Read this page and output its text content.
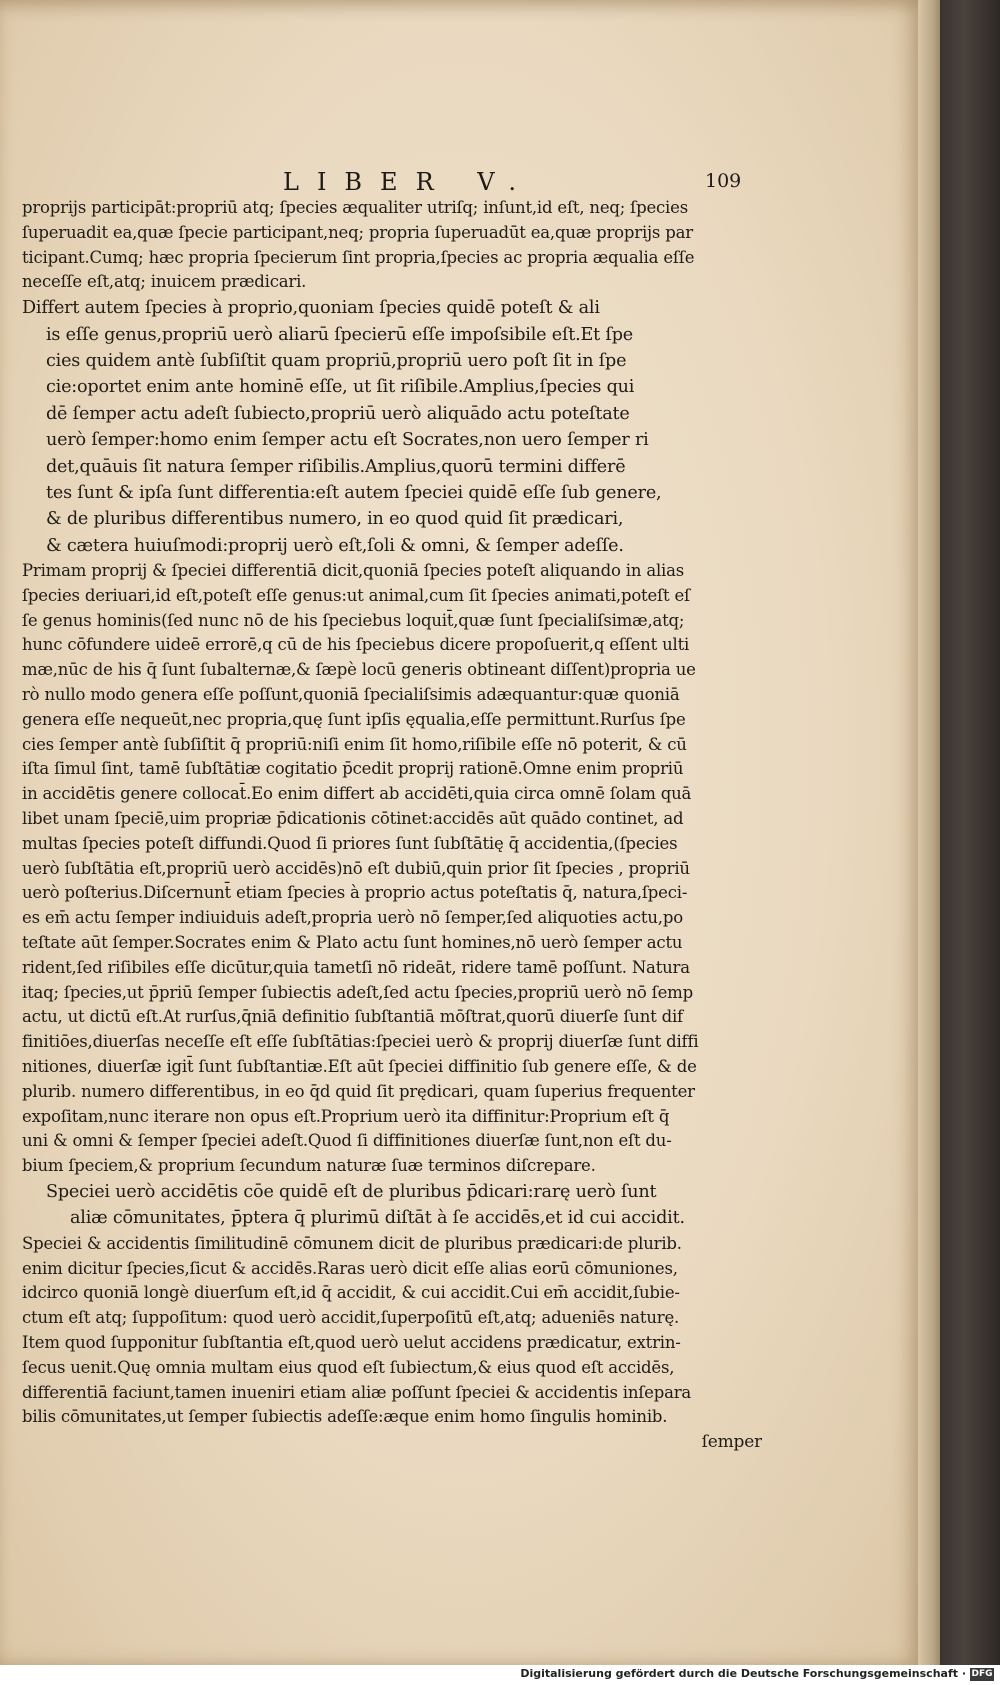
LIBER V.	109
proprijs participāt:propriū atq; ſpecies æqualiter utriſq; inſunt,id eſt, neq; ſpecies
ſuperuadit ea,quæ ſpecie participant,neq; propria ſuperuadūt ea,quæ proprijs par
ticipant.Cumq; hæc propria ſpecierum ſint propria,ſpecies ac propria æqualia eſſe
neceſſe eſt,atq; inuicem prædicari.
Differt autem ſpecies à proprio,quoniam ſpecies quidē poteſt & ali
is eſſe genus,propriū uerò aliarū ſpecierū eſſe impoſsibile eſt.Et ſpe
cies quidem antè ſubſiſtit quam propriū,propriū uero poſt ſit in ſpe
cie:oportet enim ante hominē eſſe, ut ſit riſibile.Amplius,ſpecies qui
dē ſemper actu adeſt ſubiecto,propriū uerò aliquādo actu poteſtate
uerò ſemper:homo enim ſemper actu eſt Socrates,non uero ſemper ri
det,quāuis ſit natura ſemper riſibilis.Amplius,quorū termini differē
tes ſunt & ipſa ſunt differentia:eſt autem ſpeciei quidē eſſe ſub genere,
& de pluribus differentibus numero, in eo quod quid ſit prædicari,
& cætera huiuſmodi:proprij uerò eſt,ſoli & omni, & ſemper adeſſe.
Primam proprij & ſpeciei differentiā dicit,quoniā ſpecies poteſt aliquando in alias
ſpecies deriuari,id eſt,poteſt eſſe genus:ut animal,cum ſit ſpecies animati,poteſt eſ
ſe genus hominis(ſed nunc nō de his ſpeciebus loquit̄,quæ ſunt ſpecialiſsimæ,atq;
hunc cōfundere uideē errorē,q cū de his ſpeciebus dicere propoſuerit,q eſſent ulti
mæ,nūc de his q̄ ſunt ſubalternæ,& ſæpè locū generis obtineant diſſent)propria ue
rò nullo modo genera eſſe poſſunt,quoniā ſpecialiſsimis adæquantur:quæ quoniā
genera eſſe nequeūt,nec propria,quę ſunt ipſis ęqualia,eſſe permittunt.Rurſus ſpe
cies ſemper antè ſubſiſtit q̄ propriū:niſi enim ſit homo,riſibile eſſe nō poterit, & cū
iſta ſimul ſint, tamē ſubſtātiæ cogitatio p̄cedit proprij rationē.Omne enim propriū
in accidētis genere collocat̄.Eo enim differt ab accidēti,quia circa omnē ſolam quā
libet unam ſpeciē,uim propriæ p̄dicationis cōtinet:accidēs aūt quādo continet, ad
multas ſpecies poteſt diffundi.Quod ſi priores ſunt ſubſtātię q̄ accidentia,(ſpecies
uerò ſubſtātia eſt,propriū uerò accidēs)nō eſt dubiū,quin prior ſit ſpecies , propriū
uerò poſterius.Diſcernunt̄ etiam ſpecies à proprio actus poteſtatis q̄, natura,ſpeci-
es em̄ actu ſemper indiuiduis adeſt,propria uerò nō ſemper,ſed aliquoties actu,po
teſtate aūt ſemper.Socrates enim & Plato actu ſunt homines,nō uerò ſemper actu
rident,ſed riſibiles eſſe dicūtur,quia tametſi nō rideāt, ridere tamē poſſunt. Natura
itaq; ſpecies,ut p̄priū ſemper ſubiectis adeſt,ſed actu ſpecies,propriū uerò nō ſemp
actu, ut dictū eſt.At rurſus,q̄niā definitio ſubſtantiā mōſtrat,quorū diuerſe ſunt dif
finitiōes,diuerſas neceſſe eſt eſſe ſubſtātias:ſpeciei uerò & proprij diuerſæ ſunt diffi
nitiones, diuerſæ igit̄ ſunt ſubſtantiæ.Eſt aūt ſpeciei diffinitio ſub genere eſſe, & de
plurib. numero differentibus, in eo q̄d quid ſit prędicari, quam ſuperius frequenter
expoſitam,nunc iterare non opus eſt.Proprium uerò ita diffinitur:Proprium eſt q̄
uni & omni & ſemper ſpeciei adeſt.Quod ſi diffinitiones diuerſæ ſunt,non eſt du-
bium ſpeciem,& proprium ſecundum naturæ ſuæ terminos diſcrepare.
Speciei uerò accidētis cōe quidē eſt de pluribus p̄dicari:rarę uerò ſunt
aliæ cōmunitates, p̄ptera q̄ plurimū diſtāt à ſe accidēs,et id cui accidit.
Speciei & accidentis ſimilitudinē cōmunem dicit de pluribus prædicari:de plurib.
enim dicitur ſpecies,ſicut & accidēs.Raras uerò dicit eſſe alias eorū cōmuniones,
idcirco quoniā longè diuerſum eſt,id q̄ accidit, & cui accidit.Cui em̄ accidit,ſubie-
ctum eſt atq; ſuppoſitum: quod uerò accidit,ſuperpoſitū eſt,atq; adueniēs naturę.
Item quod ſupponitur ſubſtantia eſt,quod uerò uelut accidens prædicatur, extrin-
ſecus uenit.Quę omnia multam eius quod eſt ſubiectum,& eius quod eſt accidēs,
differentiā faciunt,tamen inueniri etiam aliæ poſſunt ſpeciei & accidentis inſepara
bilis cōmunitates,ut ſemper ſubiectis adeſſe:æque enim homo ſingulis hominib.
ſemper
Digitalisierung gefördert durch die Deutsche Forschungsgemeinschaft · DFG
